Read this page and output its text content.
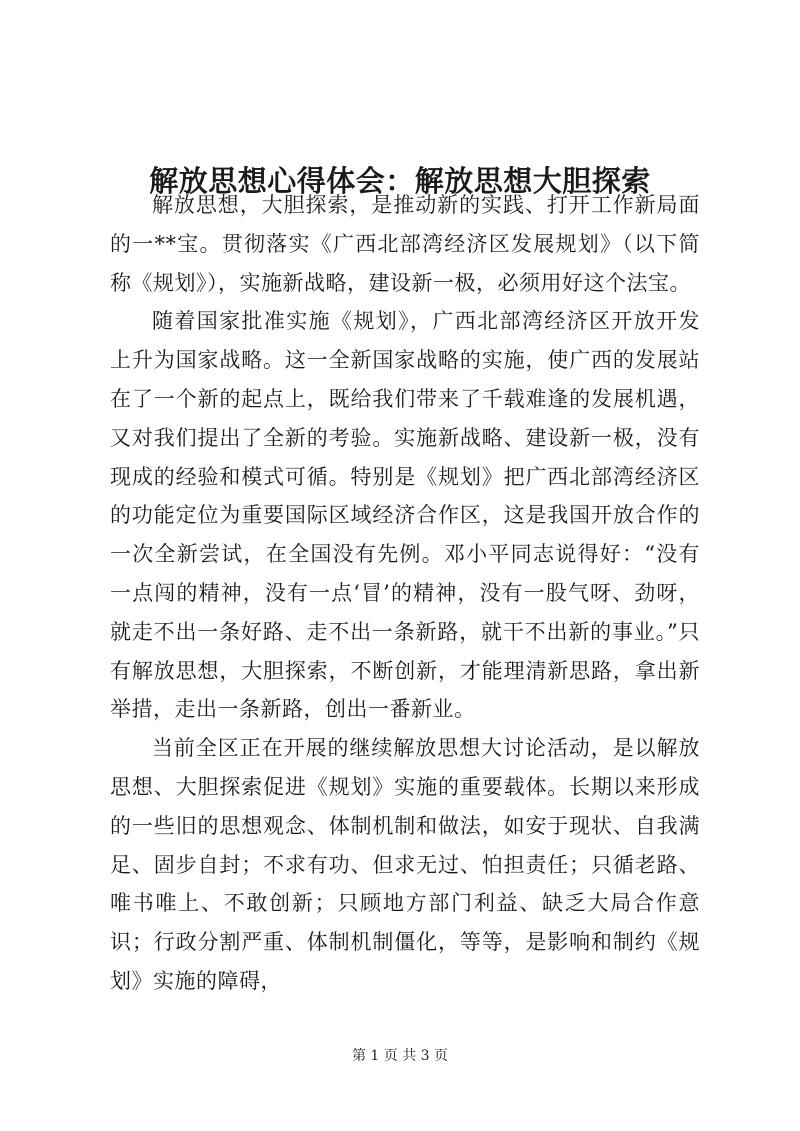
解放思想心得体会：解放思想大胆探索

解放思想，大胆探索，是推动新的实践、打开工作新局面的一**宝。贯彻落实《广西北部湾经济区发展规划》（以下简称《规划》），实施新战略，建设新一极，必须用好这个法宝。

随着国家批准实施《规划》，广西北部湾经济区开放开发上升为国家战略。这一全新国家战略的实施，使广西的发展站在了一个新的起点上，既给我们带来了千载难逢的发展机遇，又对我们提出了全新的考验。实施新战略、建设新一极，没有现成的经验和模式可循。特别是《规划》把广西北部湾经济区的功能定位为重要国际区域经济合作区，这是我国开放合作的一次全新尝试，在全国没有先例。邓小平同志说得好：“没有一点闯的精神，没有一点‘冒’的精神，没有一股气呀、劲呀，就走不出一条好路、走不出一条新路，就干不出新的事业。”只有解放思想，大胆探索，不断创新，才能理清新思路，拿出新举措，走出一条新路，创出一番新业。

当前全区正在开展的继续解放思想大讨论活动，是以解放思想、大胆探索促进《规划》实施的重要载体。长期以来形成的一些旧的思想观念、体制机制和做法，如安于现状、自我满足、固步自封；不求有功、但求无过、怕担责任；只循老路、唯书唯上、不敢创新；只顾地方部门利益、缺乏大局合作意识；行政分割严重、体制机制僵化，等等，是影响和制约《规划》实施的障碍，

第 1 页 共 3 页
